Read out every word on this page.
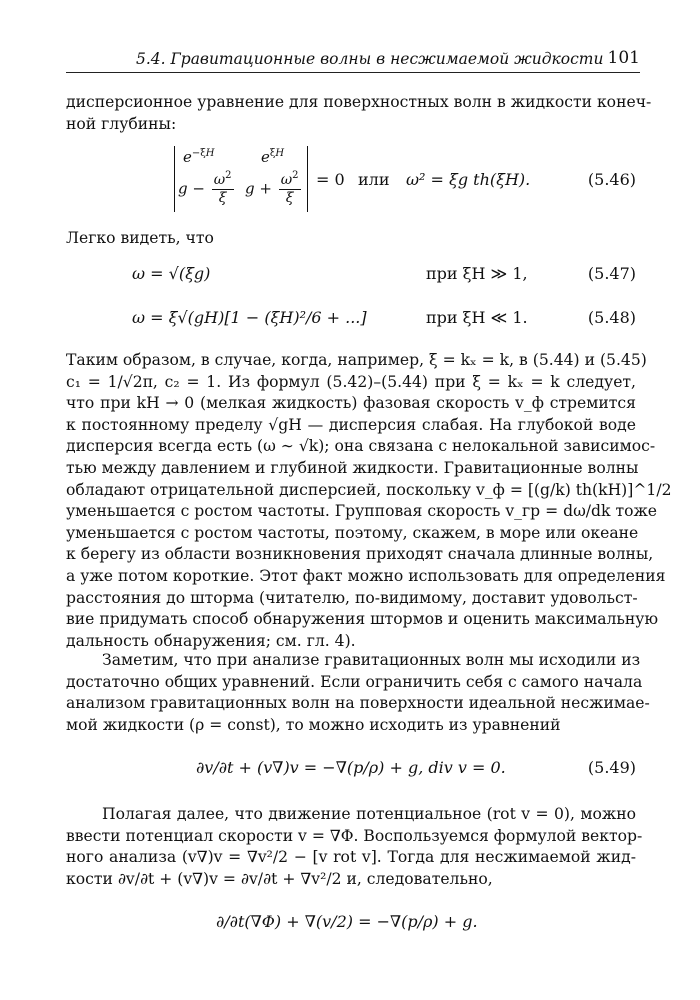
5.4. Гравитационные волны в несжимаемой жидкости 101

дисперсионное уравнение для поверхностных волн в жидкости конеч-
ной глубины:

$e^{-\xi H}$	$e^{\xi H}$
$g - \frac{\omega^2}{\xi}$ $g + \frac{\omega^2}{\xi} = 0$ или ω² = ξg th(ξH).	(5.46)

Легко видеть, что

ω = √(ξg)	при ξH ≫ 1,	(5.47)
ω = ξ√(gH)[1 − (ξH)²/6 + ...]	при ξH ≪ 1.	(5.48)

Таким образом, в случае, когда, например, ξ = kₓ = k, в (5.44) и (5.45)
c₁ = 1/√2π, c₂ = 1. Из формул (5.42)–(5.44) при ξ = kₓ = k следует,
что при kH → 0 (мелкая жидкость) фазовая скорость v_ф стремится
к постоянному пределу √gH — дисперсия слабая. На глубокой воде
дисперсия всегда есть (ω ∼ √k); она связана с нелокальной зависимос-
тью между давлением и глубиной жидкости. Гравитационные волны
обладают отрицательной дисперсией, поскольку v_ф = [(g/k) th(kH)]^1/2
уменьшается с ростом частоты. Групповая скорость v_гр = dω/dk тоже
уменьшается с ростом частоты, поэтому, скажем, в море или океане
к берегу из области возникновения приходят сначала длинные волны,
а уже потом короткие. Этот факт можно использовать для определения
расстояния до шторма (читателю, по-видимому, доставит удовольст-
вие придумать способ обнаружения штормов и оценить максимальную
дальность обнаружения; см. гл. 4).

Заметим, что при анализе гравитационных волн мы исходили из
достаточно общих уравнений. Если ограничить себя с самого начала
анализом гравитационных волн на поверхности идеальной несжимае-
мой жидкости (ρ = const), то можно исходить из уравнений

∂v/∂t + (v∇)v = −∇(p/ρ) + g, div v = 0.	(5.49)

Полагая далее, что движение потенциальное (rot v = 0), можно
ввести потенциал скорости v = ∇Φ. Воспользуемся формулой вектор-
ного анализа (v∇)v = ∇v²/2 − [v rot v]. Тогда для несжимаемой жид-
кости ∂v/∂t + (v∇)v = ∂v/∂t + ∇v²/2 и, следовательно,

∂/∂t(∇Φ) + ∇(v/2) = −∇(p/ρ) + g.
